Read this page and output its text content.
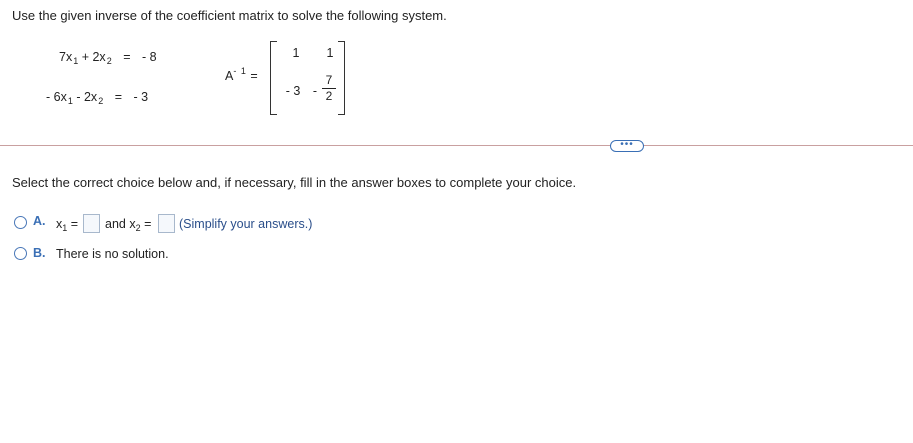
Use the given inverse of the coefficient matrix to solve the following system.
$7x_1 + 2x_2$ = - 8
- $6x_1 - 2x_2$ = - 3
$A^{- 1}$ =
1	1
- 3 -
7
2
•••
Select the correct choice below and, if necessary, fill in the answer boxes to complete your choice.
A. $x_1$ = and $x_2$ = (Simplify your answers.)
B. There is no solution.
